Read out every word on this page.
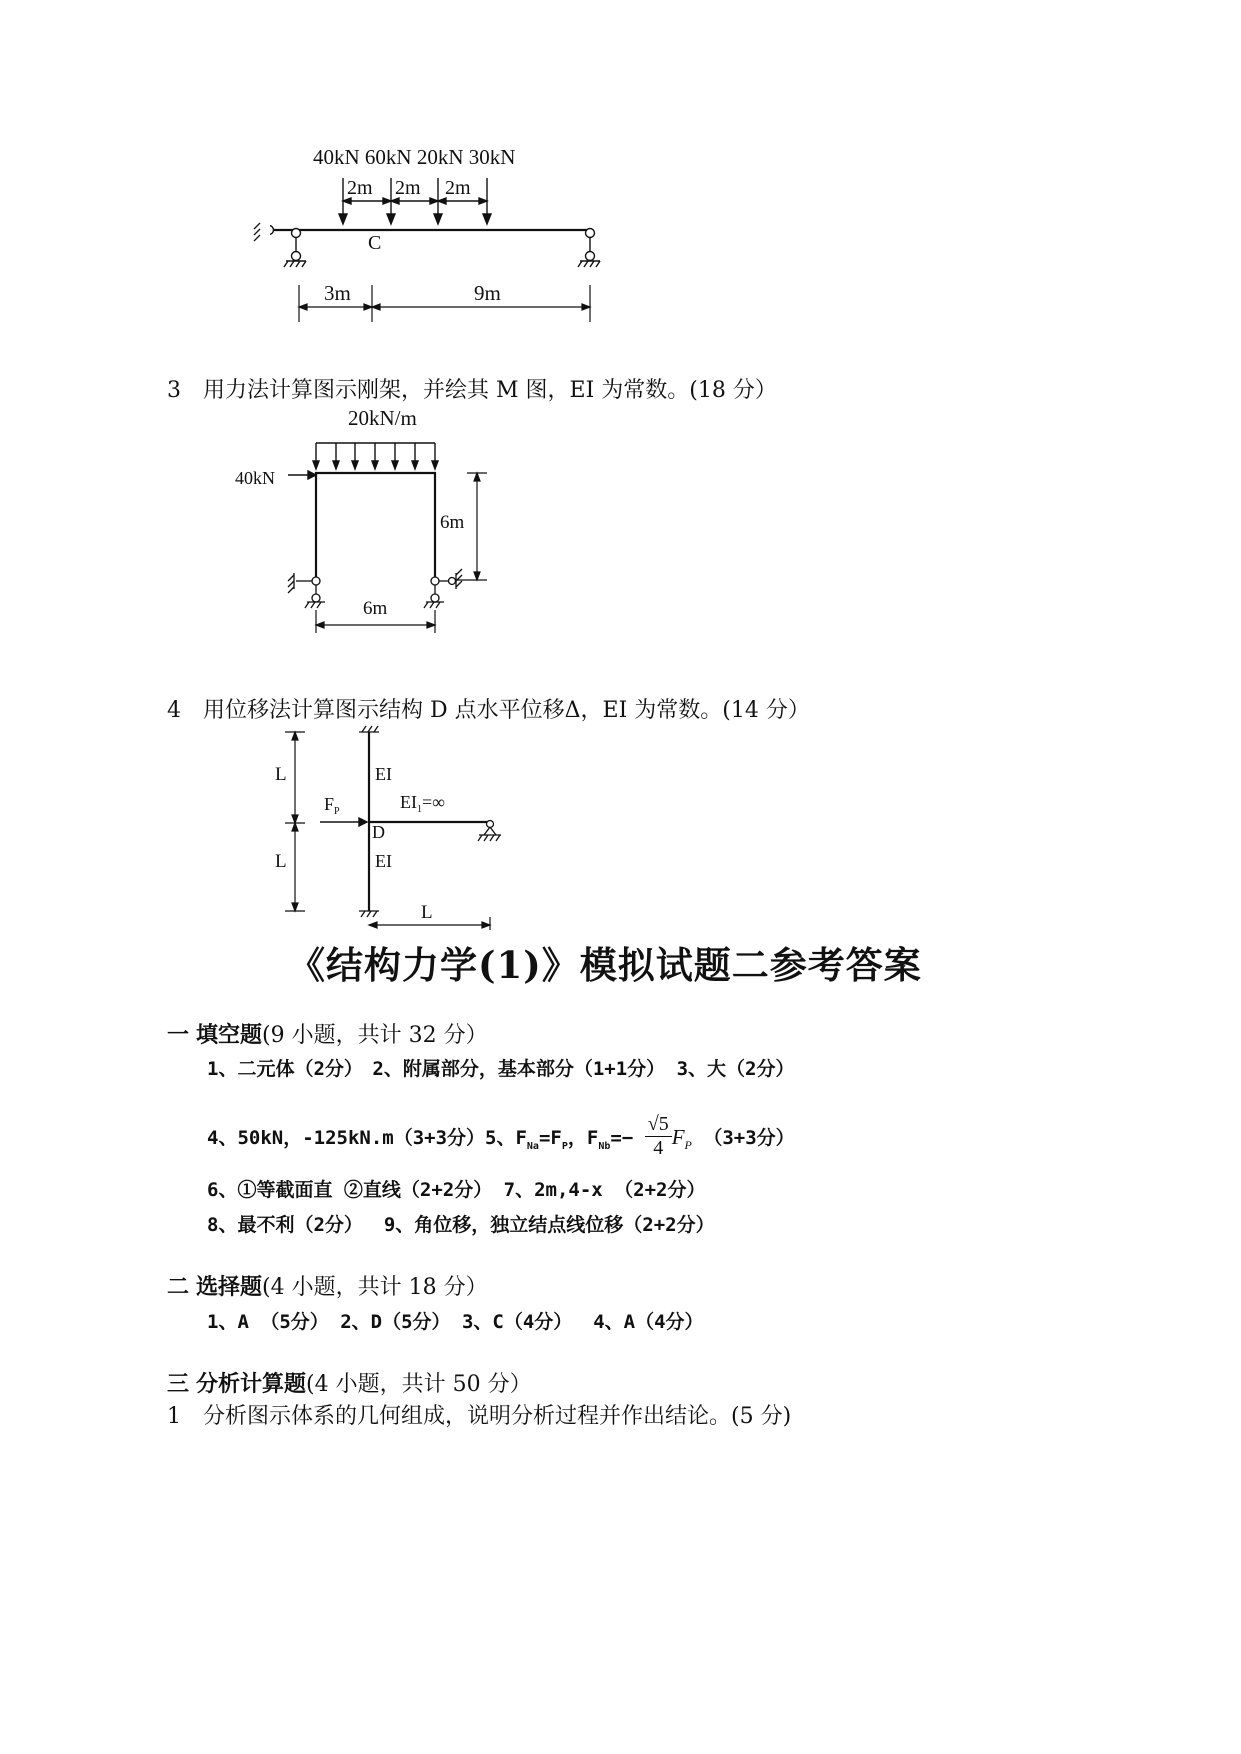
40kN 60kN 20kN 30kN
2m 2m 2m
C
3m	9m
3　用力法计算图示刚架，并绘其 M 图，EI 为常数。(18 分）
20kN/m
40kN
6m
6m
4　用位移法计算图示结构 D 点水平位移Δ，EI 为常数。(14 分）
L
L
EI
EI
$F_P$	$EI_1=\infty$
D
L
《结构力学(1)》模拟试题二参考答案
一 填空题(9 小题，共计 32 分）
1、二元体（2分）　2、附属部分，基本部分（1+1分） 3、大（2分）
4、50kN，-125kN.m（3+3分）5、$F_{Na}=F_P$，$F_{Nb}=- \frac{√5}{4} F_P$ （3+3分）
6、①等截面直 ②直线（2+2分） 7、2m,4-x （2+2分）
8、最不利（2分）　 9、角位移，独立结点线位移（2+2分）
二 选择题(4 小题，共计 18 分）
1、A （5分） 2、D（5分） 3、C（4分）　 4、A（4分）
三 分析计算题(4 小题，共计 50 分）
1　分析图示体系的几何组成，说明分析过程并作出结论。(5 分)
